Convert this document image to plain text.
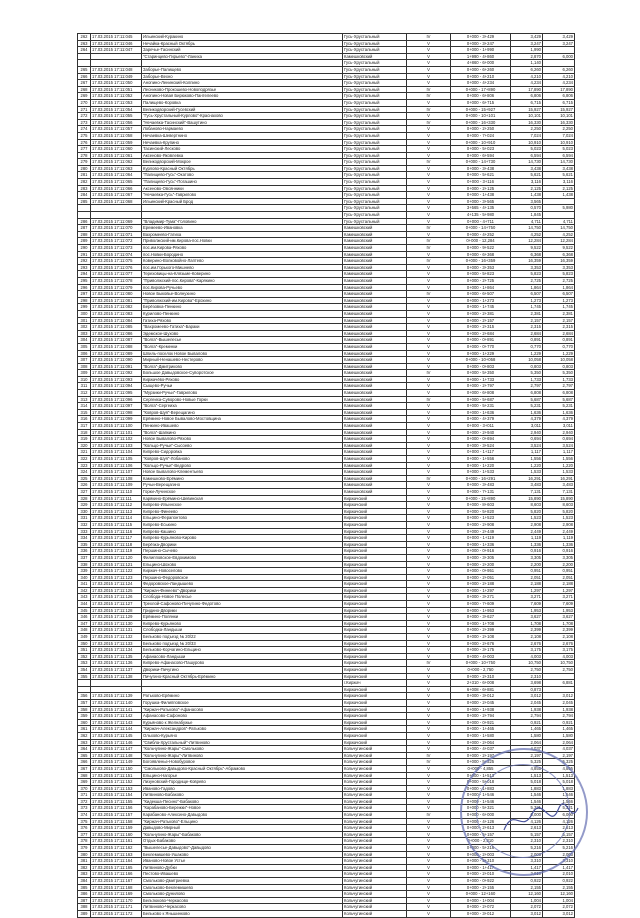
262	17.03.2015 17:11:045	Ильинский-Куракино	Гусь-Хрустальный	IV	0+000 - 3+429	3,429	3,429
263	17.03.2015 17:11:046	Нечайка-Красный Октябрь	Гусь-Хрустальный	V	0+000 - 3+247	3,247	3,247
264	17.03.2015 17:11:047	Заречье-Тасинский	Гусь-Хрустальный	V	0+000 - 1+990	1,990	
		"Старинцево-Гирьево"-Ланиха	Камешковский	V	1+990 - 4+860	2,870	6,000
			Гусь-Хрустальный	V	4+860 - 6+000	1,140	
265	17.03.2015 17:11:048	Заборье-Палищево	Гусь-Хрустальный	V	0+000 - 6+260	6,260	6,260
266	17.03.2015 17:11:049	Заборье-Вехно	Гусь-Хрустальный	V	0+000 - 4+210	4,210	4,210
267	17.03.2015 17:11:050	Анопино-Ленинский-Колпино	Гусь-Хрустальный	V	0+000 - 4+234	4,234	4,234
268	17.03.2015 17:11:051	Лесниково-Прокошево-Новоподрязье	Гусь-Хрустальный	IV	0+000 - 17+890	17,890	17,890
269	17.03.2015 17:11:052	Анопино-Новая Бирюково-Пантелеево	Гусь-Хрустальный	IV	0+000 - 6+806	6,806	6,806
270	17.03.2015 17:11:053	Палищево-Коровка	Гусь-Хрустальный	V	0+000 - 6+715	6,715	6,715
271	17.03.2015 17:11:054	Великодворский-Гусевский	Гусь-Хрустальный	IV	0+000 - 15+927	15,927	15,927
272	17.03.2015 17:11:055	"Гусь-Хрустальный-Курлово"-Краснахово	Гусь-Хрустальный	V	0+000 - 10+101	10,101	10,101
273	17.03.2015 17:11:056	"Нечаевка-Тасинский"-Вашутино	Гусь-Хрустальный	IV	0+000 - 16+330	16,330	16,330
274	17.03.2015 17:11:057	Лобаново-Нармаево	Гусь-Хрустальный	V	0+000 - 2+250	2,250	2,250
275	17.03.2015 17:11:058	Нечаевка-Шевертнино	Гусь-Хрустальный	V	0+000 - 7+024	7,024	7,024
276	17.03.2015 17:11:059	Нечаевка-Крупино	Гусь-Хрустальный	V	0+000 - 10+910	10,910	10,910
277	17.03.2015 17:11:060	Тасинский-Лесково	Гусь-Хрустальный	V	0+000 - 5+023	5,023	5,023
278	17.03.2015 17:11:061	Аксеново-Яковлевка	Гусь-Хрустальный	V	0+000 - 6+594	6,594	6,594
279	17.03.2015 17:11:062	Великодворский-Мокрое	Гусь-Хрустальный	IV	0+000 - 14+730	14,730	14,730
280	17.03.2015 17:11:063	Курлово-Красный Октябрь	Гусь-Хрустальный	V	0+000 - 3+438	3,438	3,438
281	17.03.2015 17:11:064	"Палищево-Гусь"-Окатово	Гусь-Хрустальный	V	0+000 - 5+621	5,621	5,621
282	17.03.2015 17:11:065	"Палищево-Гусь"-Погашино	Гусь-Хрустальный	V	0+000 - 3+116	3,116	3,116
283	17.03.2015 17:11:066	Аксеново-Овсянники	Гусь-Хрустальный	V	0+000 - 2+125	2,125	2,125
284	17.03.2015 17:11:067	"Нечаевка-Гусь"-Гаврилово	Гусь-Хрустальный	V	0+000 - 1+438	1,438	1,438
285	17.03.2015 17:11:068	Ильинский-Красный Брод	Гусь-Хрустальный	V	0+000 - 3+565	3,565	
			Гусь-Хрустальный	V	3+565 - 4+135	0,570	5,980
			Гусь-Хрустальный	V	4+135 - 5+980	1,845	
286	17.03.2015 17:11:069	"Владимир-Тума"-Головино	Гусь-Хрустальный	V	0+000 - 4+711	4,711	4,711
287	17.03.2015 17:11:070	Еремеево-Ивановка	Камешковский	IV	0+000 - 14+750	14,750	14,750
288	17.03.2015 17:11:071	Вахромеево-Гатиха	Камешковский	V	0+000 - 4+252	4,252	4,252
289	17.03.2015 17:11:072	Приволжский-им.Кирова-пос.Новки	Камешковский	IV	0+000 - 12,284	12,284	12,284
290	17.03.2015 17:11:073	пос.им.Кирова-Ряхово	Камешковский	IV	0+000 - 9+522	9,522	9,522
291	17.03.2015 17:11:074	пос.Новки-Бородино	Камешковский	V	0+000 - 6+368	6,368	6,368
292	17.03.2015 17:11:075	Коверино-Волковойно-Лаптево	Камешковский	IV	0+000 - 16+359	16,359	16,359
293	17.03.2015 17:11:076	пос.им.Горького-Мишнево	Камешковский	V	0+000 - 3+353	3,353	3,353
294	17.03.2015 17:11:077	Тереховицы-на-Клязьме-Коверино	Камешковский	V	0+000 - 5+823	5,823	5,823
295	17.03.2015 17:11:078	"Приволжский-пос.Кирова"-Карякино	Камешковский	V	0+000 - 2+725	2,725	2,725
296	17.03.2015 17:11:079	пос.Кирова-Ручьево	Камешковский	V	0+000 - 1+864	1,864	1,864
297	17.03.2015 17:11:080	Новое Быковье-Волнухино	Камешковский	IV	0+000 - 6+507	6,507	6,507
298	17.03.2015 17:11:081	"Приволжский-им.Кирова"-Ерохино	Камешковский	V	0+000 - 1+273	1,273	1,273
299	17.03.2015 17:11:082	Берёзовка-Пенкино	Камешковский	V	0+000 - 1+745	1,745	1,745
300	17.03.2015 17:11:083	Курилово-Пенкино	Камешковский	V	0+000 - 2+381	2,381	2,381
301	17.03.2015 17:11:084	Гатиха-Ряхово	Камешковский	V	0+000 - 2+157	2,157	2,157
302	17.03.2015 17:11:085	"Вахромеево-Гатиха"-Бараки	Камешковский	V	0+000 - 2+315	2,315	2,315
303	17.03.2015 17:11:086	Эдемское-Шухово	Камешковский	V	0+000 - 2+684	2,684	2,684
304	17.03.2015 17:11:087	"Волга"-Вышелесье	Камешковский	V	0+000 - 0+891	0,891	0,891
305	17.03.2015 17:11:088	"Волга"-Кременки	Камешковский	V	0+000 - 0+770	0,770	0,770
306	17.03.2015 17:11:089	Шпиль-поселок Новое Бывалово	Камешковский	V	0+000 - 1+229	1,229	1,229
307	17.03.2015 17:11:090	Мирный-Ненашево-Нестерово	Камешковский	V	0+000 - 10+058	10,058	10,058
308	17.03.2015 17:11:091	"Волга"-Дмитриково	Камешковский	V	0+000 - 0+803	0,803	0,803
309	17.03.2015 17:11:092	Большое Давыдовское-Суворотское	Камешковский	IV	0+000 - 5+350	5,350	5,350
310	17.03.2015 17:11:093	Киржачёво-Ряхово	Камешковский	V	0+000 - 1+733	1,733	1,733
311	17.03.2015 17:11:094	Сыщево-Ручьи	Камешковский	V	0+000 - 2+797	2,797	2,797
312	17.03.2015 17:11:095	"Мурзики-Ручьи"-Гаврилово	Камешковский	V	0+000 - 6+808	6,808	6,808
313	17.03.2015 17:11:096	Сергеиха-Суворово-Новые Горки	Камешковский	IV	0+000 - 5+687	5,687	5,687
314	17.03.2015 17:11:097	"Волга"-Сергеиха	Камешковский	V	0+000 - 5+231	5,231	5,231
315	17.03.2015 17:11:098	"Ковров-Шуя"-Верещагино	Камешковский	V	0+000 - 1+636	1,636	1,636
316	17.03.2015 17:11:099	Ерёмино-Новое Бывалово-Мостовщина	Камешковский	V	0+000 - 4+379	4,379	4,379
317	17.03.2015 17:11:100	Пенкино-Ивашево	Камешковский	V	0+000 - 3+011	3,011	3,011
318	17.03.2015 17:11:101	"Волга"-Шапкино	Камешковский	V	0+000 - 2+940	2,940	2,940
319	17.03.2015 17:11:102	Новое Бывалово-Ряхово	Камешковский	V	0+000 - 0+694	0,694	0,694
320	17.03.2015 17:11:103	"Кольцо-Ручьи"-Сысоево	Камешковский	V	0+000 - 3+524	3,524	3,524
321	17.03.2015 17:11:104	Кипрево-Сидоровка	Камешковский	V	0+000 - 1+117	1,117	1,117
322	17.03.2015 17:11:105	"Ковров-Шуя"-Лобаново	Камешковский	V	0+000 - 1+556	1,556	1,556
323	17.03.2015 17:11:106	"Кольцо-Ручьи"-Ведрово	Камешковский	V	0+000 - 1+220	1,220	1,220
324	17.03.2015 17:11:107	Новое Бывалово-Клементьево	Камешковский	V	0+000 - 1+533	1,533	1,533
325	17.03.2015 17:11:108	Камешково-Ерёмино	Камешковский	IV	0+000 - 16+291	16,291	16,291
326	17.03.2015 17:11:109	Ручьи-Верещагино	Камешковский	V	0+000 - 3+483	3,483	3,483
327	17.03.2015 17:11:110	Горки-Лучинское	Камешковский	V	0+000 - 7+131	7,131	7,131
328	17.03.2015 17:11:111	Карякино-Ерёмино-Шевинская	Киржачский	V	0+000 - 15+890	15,890	15,890
329	17.03.2015 17:11:112	Кипрево-Ильинское	Киржачский	V	0+000 - 8+603	8,603	8,603
330	17.03.2015 17:11:113	Кипрево-Финеево	Киржачский	V	0+000 - 5+820	5,820	5,820
331	17.03.2015 17:11:114	Ельцино-Ферапонтово	Киржачский	V	0+000 - 1+523	1,523	1,523
332	17.03.2015 17:11:115	Кипрево-Еськино	Киржачский	V	0+000 - 2+908	2,908	2,908
333	17.03.2015 17:11:116	Кипрево-Кашино	Киржачский	V	0+000 - 2+449	2,449	2,449
334	17.03.2015 17:11:117	Кипрево-Курьяново-Кирово	Киржачский	V	0+000 - 1+119	1,119	1,119
335	17.03.2015 17:11:118	Берёзка-Дворики	Киржачский	V	0+000 - 1+336	1,336	1,336
336	17.03.2015 17:11:119	Першино-Сычево	Киржачский	V	0+000 - 0+916	0,916	0,916
337	17.03.2015 17:11:120	Филипповское-Евдокимово	Киржачский	V	0+000 - 3+305	3,305	3,305
338	17.03.2015 17:11:121	Ельцино-Шохово	Киржачский	V	0+000 - 2+200	2,200	2,200
339	17.03.2015 17:11:122	Киржач-Новоселово	Киржачский	V	0+000 - 0+951	0,951	0,951
340	17.03.2015 17:11:123	Першино-Федоровское	Киржачский	V	0+000 - 2+051	2,051	2,051
341	17.03.2015 17:11:124	Федоровское-Ландышево	Киржачский	V	0+000 - 2+188	2,188	2,188
342	17.03.2015 17:11:125	"Киржач-Финеево"-Дворики	Киржачский	V	0+000 - 1+297	1,297	1,297
343	17.03.2015 17:11:126	Слобода-Новое Полесье	Киржачский	V	0+000 - 3+271	3,271	3,271
344	17.03.2015 17:11:127	Трехлой-Сафоново-Пичугино-Федотово	Киржачский	V	0+000 - 7+609	7,609	7,609
345	17.03.2015 17:11:128	Гридино-Дворики	Киржачский	V	0+000 - 1+953	1,953	1,953
346	17.03.2015 17:11:129	Ерёмино-Полянки	Киржачский	V	0+000 - 3+627	3,627	3,627
347	17.03.2015 17:11:130	Кипрево-Курьяново	Киржачский	V	0+000 - 1+708	1,708	1,708
348	17.03.2015 17:11:131	Слободка-Ландыши	Киржачский	V	0+000 - 2+399	2,399	2,399
349	17.03.2015 17:11:132	Бельково подъезд № 20/22	Киржачский	V	0+000 - 2+108	2,108	2,108
350	17.03.2015 17:11:133	Бельково подъезд № 20/33	Киржачский	V	0+000 - 2+676	2,676	2,676
351	17.03.2015 17:11:134	Бельково-Корчагино-Ельцино	Киржачский	V	0+000 - 3+175	3,175	3,175
352	17.03.2015 17:11:135	Афанасово-Ландыши	Киржачский	V	0+000 - 4+003	4,003	4,003
353	17.03.2015 17:11:136	Кипрево-Афанасово-Пашурово	Киржачский	IV	0+000 - 10+750	10,750	10,750
354	17.03.2015 17:11:137	Дворики-Пичугино	Киржачский	V	0+000 - 2,750	2,750	2,750
355	17.03.2015 17:11:138	Пичугино-Красный Октябрь-Ерёмино	Киржачский	V	0+000 - 2+310	2,310	
			г.Киржач	V	2+310 - 6+008	3,698	6,881
			Киржачский	V	6+008 - 6+881	0,873	
356	17.03.2015 17:11:139	Ратьково-Ерёмино	Киржачский	V	0+000 - 3+012	3,012	3,012
357	17.03.2015 17:11:140	Горушка-Филипповское	Киржачский	V	0+000 - 2+045	2,045	2,045
358	17.03.2015 17:11:141	"Киржач-Ратьково"-Афанасово	Киржачский	V	0+000 - 1+938	1,938	1,938
359	17.03.2015 17:11:142	Афанасово-Сафоново	Киржачский	V	0+000 - 2+794	2,794	2,794
360	17.03.2015 17:11:143	Курьяново к Желнабужье	Киржачский	V	0+000 - 0+921	0,921	0,921
361	17.03.2015 17:11:144	"Киржач-Александров"-Ратьково	Киржачский	V	0+000 - 1+465	1,465	1,465
362	17.03.2015 17:11:145	Ольхово-Курьяно	Киржачский	V	0+000 - 1+580	1,580	1,580
363	17.03.2015 17:11:146	"Свибла-Хрустальный"-Литвиново	Киржачский	V	0+000 - 2+064	2,064	2,064
364	17.03.2015 17:11:147	"Кольчугино-Жары"-Смольково	Кольчугинский	V	0+000 - 4+037	4,037	4,037
365	17.03.2015 17:11:148	"Кольчугино-Жары"-Литвиново	Кольчугинский	IV	0+000 - 2+197	2,197	2,197
366	17.03.2015 17:11:149	Богоявленье-Новобуровое	Кольчугинский	IV	0+000 - 5+325	5,325	5,325
367	17.03.2015 17:11:150	"Смольково-Давыдово-Красный Октябрь"-Абрамово	Кольчугинский	V	0+000 - 4,855	4,855	4,855
368	17.03.2015 17:11:151	Ельцино-Нагорье	Кольчугинский	V	0+000 - 1+513	1,513	1,513
369	17.03.2015 17:11:152	Лизуновский-Городище-Коврево	Кольчугинский	V	0+000 - 5+018	5,018	5,018
370	17.03.2015 17:11:153	Иваново-Гадово	Кольчугинский	V	0+000 - 1+883	1,883	1,883
371	17.03.2015 17:11:154	Литвиново-Бабаково	Кольчугинский	V	0+000 - 1+546	1,546	1,546
372	17.03.2015 17:11:155	"Кидекша-Песино"-Бабаково	Кольчугинский	V	0+000 - 1+546	1,546	1,546
373	17.03.2015 17:11:156	"Карабаново-Бережки"-Новое	Кольчугинский	V	0+000 - 5+321	5,321	5,321
374	17.03.2015 17:11:157	Карабаново-Алексино-Давыдово	Кольчугинский	IV	0+000 - 6+000	6,000	6,000
375	17.03.2015 17:11:158	"Киржач-Ратьково"-Ельцино	Кольчугинский	V	0+000 - 4+126	4,126	4,126
376	17.03.2015 17:11:159	Давыдово-Мирный	Кольчугинский	V	0+000 - 2+613	2,613	2,613
377	17.03.2015 17:11:160	"Кольчугино-Жары"-Бабаково	Кольчугинский	V	0+000 - 5+157	5,157	5,157
378	17.03.2015 17:11:161	Отдых-Бабаково	Кольчугинский	V	0+000 - 2,310	2,310	2,310
379	17.03.2015 17:11:162	"Вышелесье-Давыдово"-Давыдово	Кольчугинский	V	0+000 - 5+216	5,216	5,216
380	17.03.2015 17:11:163	Беклемишево-Ушаково	Кольчугинский	V	0+000 - 2+003	2,003	2,003
381	17.03.2015 17:11:164	Иваново-Новое Устье	Кольчугинский	V	0+000 - 3+310	3,310	3,310
382	17.03.2015 17:11:165	Литвиново-Дубки	Кольчугинский	V	0+000 - 1+417	1,417	1,417
383	17.03.2015 17:11:166	Пестово-Ивашево	Кольчугинский	V	0+000 - 2+010	2,010	2,010
384	17.03.2015 17:11:167	Смольково-Дмитриевка	Кольчугинский	V	0+000 - 0+922	0,922	0,922
385	17.03.2015 17:11:168	Смольково-Беклемишево	Кольчугинский	V	0+000 - 2+155	2,155	2,155
386	17.03.2015 17:11:169	Смольково-Дунилово	Кольчугинский	V	0+000 - 12+160	12,160	12,160
387	17.03.2015 17:11:170	Бельтюково-Черкасово	Кольчугинский	V	0+000 - 1+004	1,004	1,004
388	17.03.2015 17:11:171	Литвиново-Черкасово	Кольчугинский	V	0+000 - 2+072	2,072	2,072
389	17.03.2015 17:11:172	Бельково к Яньшинково	Кольчугинский	V	0+000 - 3+012	3,012	3,012
